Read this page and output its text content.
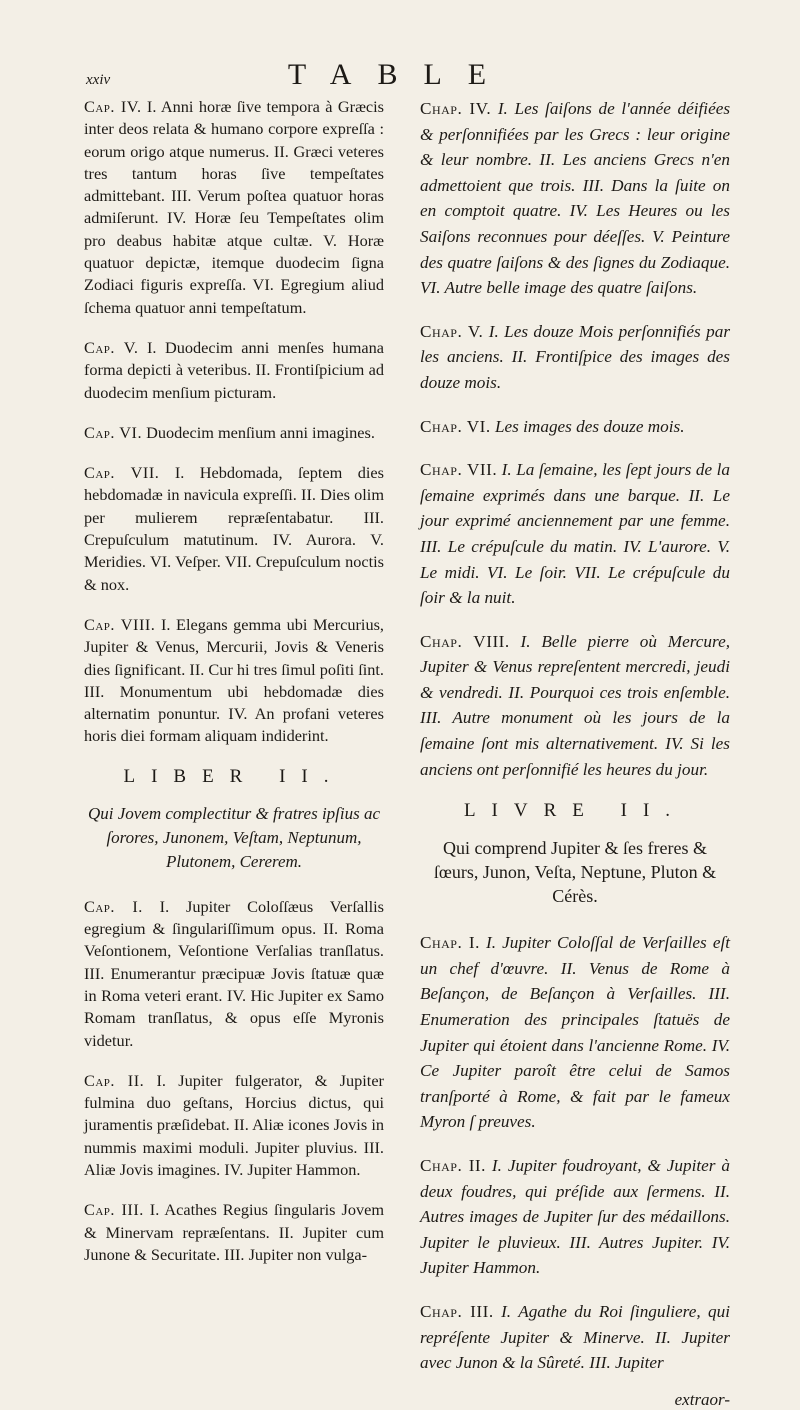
xxiv	TABLE

Cap. IV. I. Anni horæ ſive tempora à Græcis inter deos relata & humano corpore expreſſa : eorum origo atque numerus. II. Græci veteres tres tantum horas ſive tempeſtates admittebant. III. Verum poſtea quatuor horas admiſerunt. IV. Horæ ſeu Tempeſtates olim pro deabus habitæ atque cultæ. V. Horæ quatuor depictæ, itemque duodecim ſigna Zodiaci figuris expreſſa. VI. Egregium aliud ſchema quatuor anni tempeſtatum.

Cap. V. I. Duodecim anni menſes humana forma depicti à veteribus. II. Frontiſpicium ad duodecim menſium picturam.

Cap. VI. Duodecim menſium anni imagines.

Cap. VII. I. Hebdomada, ſeptem dies hebdomadæ in navicula expreſſi. II. Dies olim per mulierem repræſentabatur. III. Crepuſculum matutinum. IV. Aurora. V. Meridies. VI. Veſper. VII. Crepuſculum noctis & nox.

Cap. VIII. I. Elegans gemma ubi Mercurius, Jupiter & Venus, Mercurii, Jovis & Veneris dies ſignificant. II. Cur hi tres ſimul poſiti ſint. III. Monumentum ubi hebdomadæ dies alternatim ponuntur. IV. An profani veteres horis diei formam aliquam indiderint.

LIBER II.

Qui Jovem complectitur & fratres ipſius ac ſorores, Junonem, Veſtam, Neptunum, Plutonem, Cererem.

Cap. I. I. Jupiter Coloſſæus Verſallis egregium & ſingulariſſimum opus. II. Roma Veſontionem, Veſontione Verſalias tranſlatus. III. Enumerantur præcipuæ Jovis ſtatuæ quæ in Roma veteri erant. IV. Hic Jupiter ex Samo Romam tranſlatus, & opus eſſe Myronis videtur.

Cap. II. I. Jupiter fulgerator, & Jupiter fulmina duo geſtans, Horcius dictus, qui juramentis præſidebat. II. Aliæ icones Jovis in nummis maximi moduli. Jupiter pluvius. III. Aliæ Jovis imagines. IV. Jupiter Hammon.

Cap. III. I. Acathes Regius ſingularis Jovem & Minervam repræſentans. II. Jupiter cum Junone & Securitate. III. Jupiter non vulga-

Chap. IV. I. Les ſaiſons de l'année déifiées & perſonnifiées par les Grecs : leur origine & leur nombre. II. Les anciens Grecs n'en admettoient que trois. III. Dans la ſuite on en comptoit quatre. IV. Les Heures ou les Saiſons reconnues pour déeſſes. V. Peinture des quatre ſaiſons & des ſignes du Zodiaque. VI. Autre belle image des quatre ſaiſons.

Chap. V. I. Les douze Mois perſonnifiés par les anciens. II. Frontiſpice des images des douze mois.

Chap. VI. Les images des douze mois.

Chap. VII. I. La ſemaine, les ſept jours de la ſemaine exprimés dans une barque. II. Le jour exprimé anciennement par une femme. III. Le crépuſcule du matin. IV. L'aurore. V. Le midi. VI. Le ſoir. VII. Le crépuſcule du ſoir & la nuit.

Chap. VIII. I. Belle pierre où Mercure, Jupiter & Venus repreſentent mercredi, jeudi & vendredi. II. Pourquoi ces trois enſemble. III. Autre monument où les jours de la ſemaine ſont mis alternativement. IV. Si les anciens ont perſonnifié les heures du jour.

LIVRE II.

Qui comprend Jupiter & ſes freres & ſœurs, Junon, Veſta, Neptune, Pluton & Cérès.

Chap. I. I. Jupiter Coloſſal de Verſailles eſt un chef d'œuvre. II. Venus de Rome à Beſançon, de Beſançon à Verſailles. III. Enumeration des principales ſtatuës de Jupiter qui étoient dans l'ancienne Rome. IV. Ce Jupiter paroît être celui de Samos tranſporté à Rome, & fait par le fameux Myron ſ preuves.

Chap. II. I. Jupiter foudroyant, & Jupiter à deux foudres, qui préſide aux ſermens. II. Autres images de Jupiter ſur des médaillons. Jupiter le pluvieux. III. Autres Jupiter. IV. Jupiter Hammon.

Chap. III. I. Agathe du Roi ſinguliere, qui repréſente Jupiter & Minerve. II. Jupiter avec Junon & la Sûreté. III. Jupiter

extraor-
